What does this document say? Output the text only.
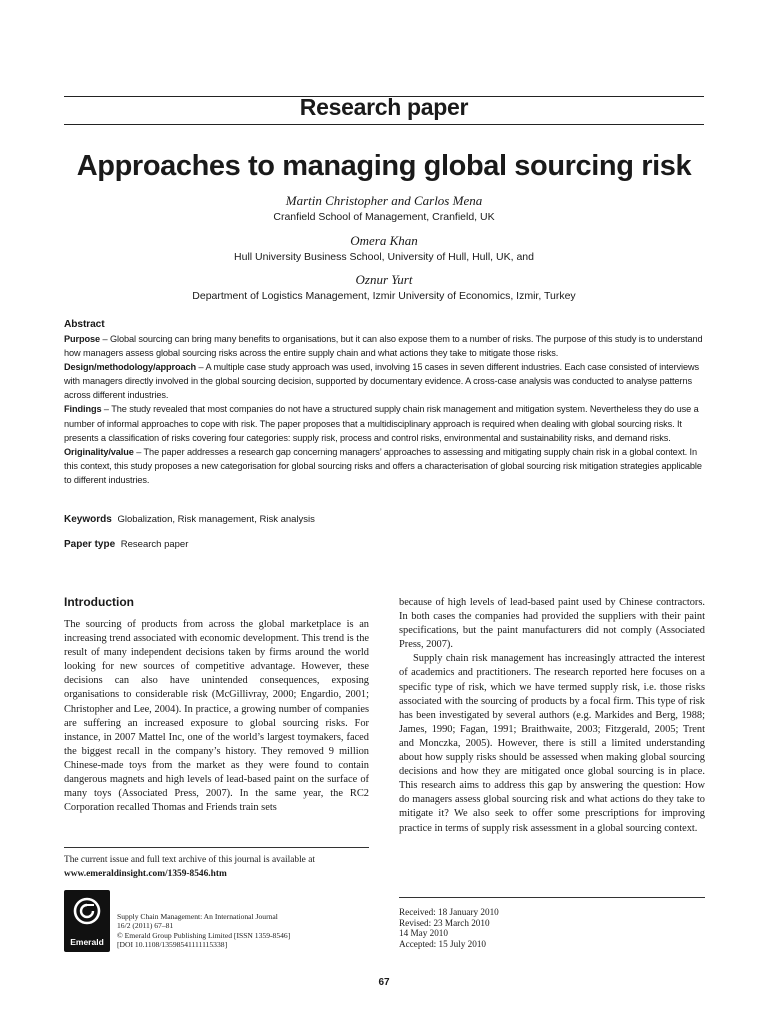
Research paper
Approaches to managing global sourcing risk
Martin Christopher and Carlos Mena
Cranfield School of Management, Cranfield, UK
Omera Khan
Hull University Business School, University of Hull, Hull, UK, and
Oznur Yurt
Department of Logistics Management, Izmir University of Economics, Izmir, Turkey
Abstract

Purpose – Global sourcing can bring many benefits to organisations, but it can also expose them to a number of risks. The purpose of this study is to understand how managers assess global sourcing risks across the entire supply chain and what actions they take to mitigate those risks.

Design/methodology/approach – A multiple case study approach was used, involving 15 cases in seven different industries. Each case consisted of interviews with managers directly involved in the global sourcing decision, supported by documentary evidence. A cross-case analysis was conducted to analyse patterns across different industries.

Findings – The study revealed that most companies do not have a structured supply chain risk management and mitigation system. Nevertheless they do use a number of informal approaches to cope with risk. The paper proposes that a multidisciplinary approach is required when dealing with global sourcing risks. It presents a classification of risks covering four categories: supply risk, process and control risks, environmental and sustainability risks, and demand risks.

Originality/value – The paper addresses a research gap concerning managers’ approaches to assessing and mitigating supply chain risk in a global context. In this context, this study proposes a new categorisation for global sourcing risks and offers a characterisation of global sourcing risk mitigation strategies applicable to different industries.

Keywords Globalization, Risk management, Risk analysis
Paper type Research paper
Introduction

The sourcing of products from across the global marketplace is an increasing trend associated with economic development. This trend is the result of many independent decisions taken by firms around the world looking for new sources of competitive advantage. However, these decisions can also have unintended consequences, exposing organisations to considerable risk (McGillivray, 2000; Engardio, 2001; Christopher and Lee, 2004). In practice, a growing number of companies are suffering an increased exposure to global sourcing risks. For instance, in 2007 Mattel Inc, one of the world’s largest toymakers, faced the biggest recall in the company’s history. They removed 9 million Chinese-made toys from the market as they were found to contain dangerous magnets and high levels of lead-based paint on the surface of many toys (Associated Press, 2007). In the same year, the RC2 Corporation recalled Thomas and Friends train sets

because of high levels of lead-based paint used by Chinese contractors. In both cases the companies had provided the suppliers with their paint specifications, but the paint manufacturers did not comply (Associated Press, 2007).

Supply chain risk management has increasingly attracted the interest of academics and practitioners. The research reported here focuses on a specific type of risk, which we have termed supply risk, i.e. those risks associated with the sourcing of products by a focal firm. This type of risk has been investigated by several authors (e.g. Markides and Berg, 1988; James, 1990; Fagan, 1991; Braithwaite, 2003; Fitzgerald, 2005; Trent and Monczka, 2005). However, there is still a limited understanding about how supply risks should be assessed when making global sourcing decisions and how they are mitigated once global sourcing is in place. This research aims to address this gap by answering the question: How do managers assess global sourcing risk and what actions do they take to mitigate it? We also seek to offer some prescriptions for improving practice in terms of supply risk assessment in a global sourcing context.

The current issue and full text archive of this journal is available at
www.emeraldinsight.com/1359-8546.htm
Emerald
Supply Chain Management: An International Journal
16/2 (2011) 67–81
© Emerald Group Publishing Limited [ISSN 1359-8546]
[DOI 10.1108/13598541111115338]
Received: 18 January 2010
Revised: 23 March 2010
14 May 2010
Accepted: 15 July 2010
67
